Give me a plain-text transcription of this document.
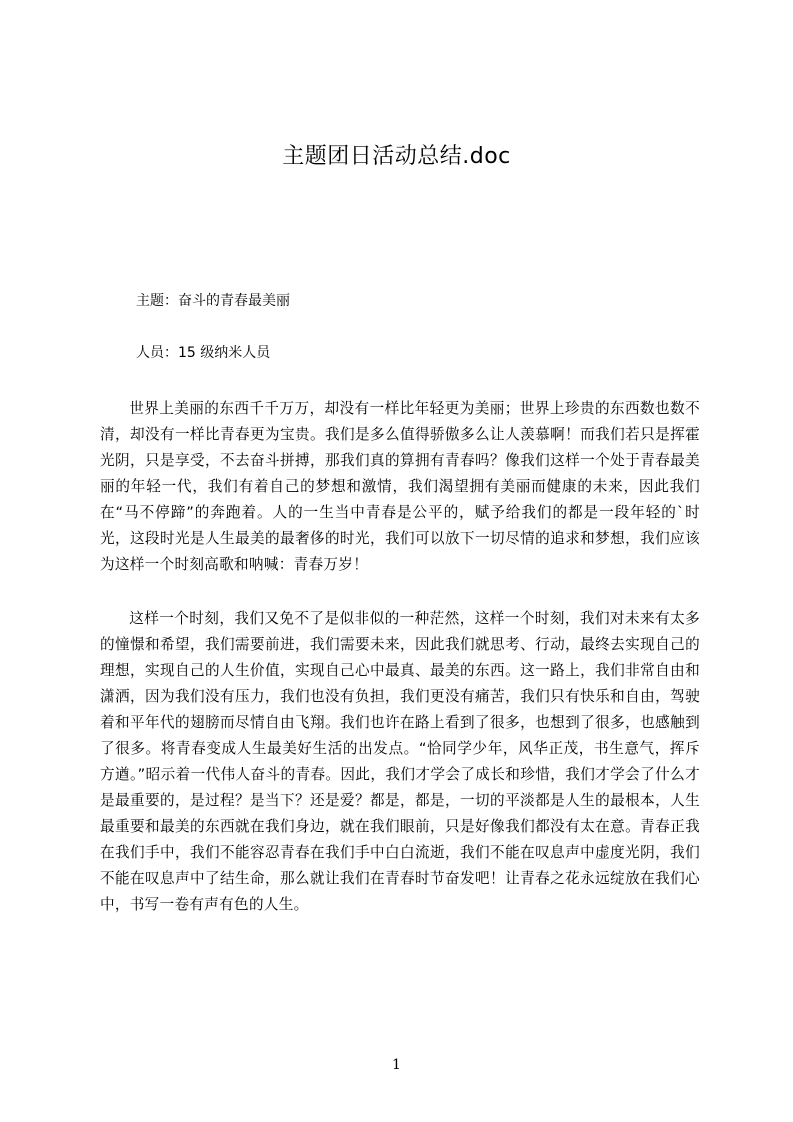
主题团日活动总结.doc

主题：奋斗的青春最美丽

人员：15 级纳米人员

世界上美丽的东西千千万万，却没有一样比年轻更为美丽；世界上珍贵的东西数也数不清，却没有一样比青春更为宝贵。我们是多么值得骄傲多么让人羡慕啊！而我们若只是挥霍光阴，只是享受，不去奋斗拼搏，那我们真的算拥有青春吗？像我们这样一个处于青春最美丽的年轻一代，我们有着自己的梦想和激情，我们渴望拥有美丽而健康的未来，因此我们在“马不停蹄”的奔跑着。人的一生当中青春是公平的，赋予给我们的都是一段年轻的`时光，这段时光是人生最美的最奢侈的时光，我们可以放下一切尽情的追求和梦想，我们应该为这样一个时刻高歌和呐喊：青春万岁！

这样一个时刻，我们又免不了是似非似的一种茫然，这样一个时刻，我们对未来有太多的憧憬和希望，我们需要前进，我们需要未来，因此我们就思考、行动，最终去实现自己的理想，实现自己的人生价值，实现自己心中最真、最美的东西。这一路上，我们非常自由和潇洒，因为我们没有压力，我们也没有负担，我们更没有痛苦，我们只有快乐和自由，驾驶着和平年代的翅膀而尽情自由飞翔。我们也许在路上看到了很多，也想到了很多，也感触到了很多。将青春变成人生最美好生活的出发点。“恰同学少年，风华正茂，书生意气，挥斥方遒。”昭示着一代伟人奋斗的青春。因此，我们才学会了成长和珍惜，我们才学会了什么才是最重要的，是过程？是当下？还是爱？都是，都是，一切的平淡都是人生的最根本，人生最重要和最美的东西就在我们身边，就在我们眼前，只是好像我们都没有太在意。青春正我在我们手中，我们不能容忍青春在我们手中白白流逝，我们不能在叹息声中虚度光阴，我们不能在叹息声中了结生命，那么就让我们在青春时节奋发吧！让青春之花永远绽放在我们心中，书写一卷有声有色的人生。

1
